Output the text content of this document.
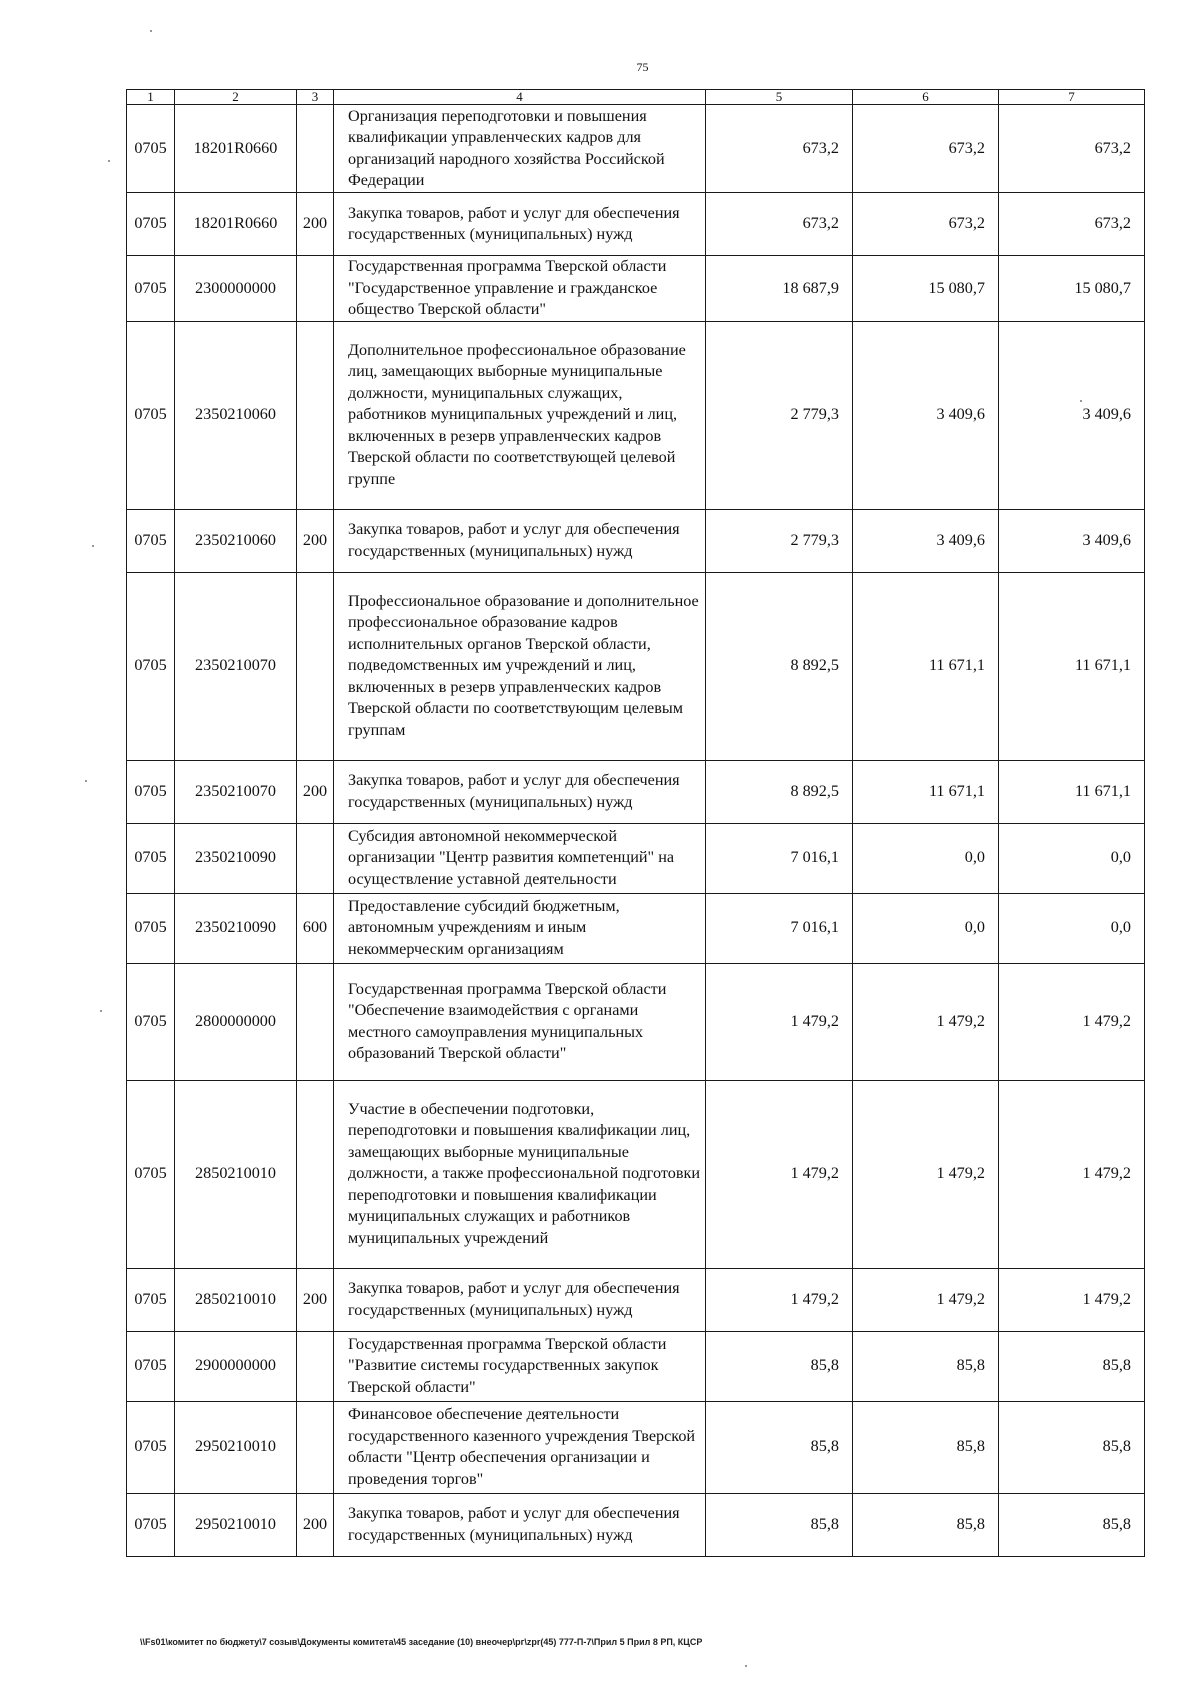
75
1	2	3	4	5	6	7
0705	18201R0660		Организация переподготовки и повышения квалификации управленческих кадров для организаций народного хозяйства Российской Федерации	673,2	673,2	673,2
0705	18201R0660	200	Закупка товаров, работ и услуг для обеспечения государственных (муниципальных) нужд	673,2	673,2	673,2
0705	2300000000		Государственная программа Тверской области "Государственное управление и гражданское общество Тверской области"	18 687,9	15 080,7	15 080,7
0705	2350210060		Дополнительное профессиональное образование лиц, замещающих выборные муниципальные должности, муниципальных служащих, работников муниципальных учреждений и лиц, включенных в резерв управленческих кадров Тверской области по соответствующей целевой группе	2 779,3	3 409,6	3 409,6
0705	2350210060	200	Закупка товаров, работ и услуг для обеспечения государственных (муниципальных) нужд	2 779,3	3 409,6	3 409,6
0705	2350210070		Профессиональное образование и дополнительное профессиональное образование кадров исполнительных органов Тверской области, подведомственных им учреждений и лиц, включенных в резерв управленческих кадров Тверской области по соответствующим целевым группам	8 892,5	11 671,1	11 671,1
0705	2350210070	200	Закупка товаров, работ и услуг для обеспечения государственных (муниципальных) нужд	8 892,5	11 671,1	11 671,1
0705	2350210090		Субсидия автономной некоммерческой организации "Центр развития компетенций" на осуществление уставной деятельности	7 016,1	0,0	0,0
0705	2350210090	600	Предоставление субсидий бюджетным, автономным учреждениям и иным некоммерческим организациям	7 016,1	0,0	0,0
0705	2800000000		Государственная программа Тверской области "Обеспечение взаимодействия с органами местного самоуправления муниципальных образований Тверской области"	1 479,2	1 479,2	1 479,2
0705	2850210010		Участие в обеспечении подготовки, переподготовки и повышения квалификации лиц, замещающих выборные муниципальные должности, а также профессиональной подготовки переподготовки и повышения квалификации муниципальных служащих и работников муниципальных учреждений	1 479,2	1 479,2	1 479,2
0705	2850210010	200	Закупка товаров, работ и услуг для обеспечения государственных (муниципальных) нужд	1 479,2	1 479,2	1 479,2
0705	2900000000		Государственная программа Тверской области "Развитие системы государственных закупок Тверской области"	85,8	85,8	85,8
0705	2950210010		Финансовое обеспечение деятельности государственного казенного учреждения Тверской области "Центр обеспечения организации и проведения торгов"	85,8	85,8	85,8
0705	2950210010	200	Закупка товаров, работ и услуг для обеспечения государственных (муниципальных) нужд	85,8	85,8	85,8
\\Fs01\комитет по бюджету\7 созыв\Документы комитета\45 заседание (10) внеочер\рг\zpr(45) 777-П-7\Прил 5 Прил 8 РП, КЦСР
